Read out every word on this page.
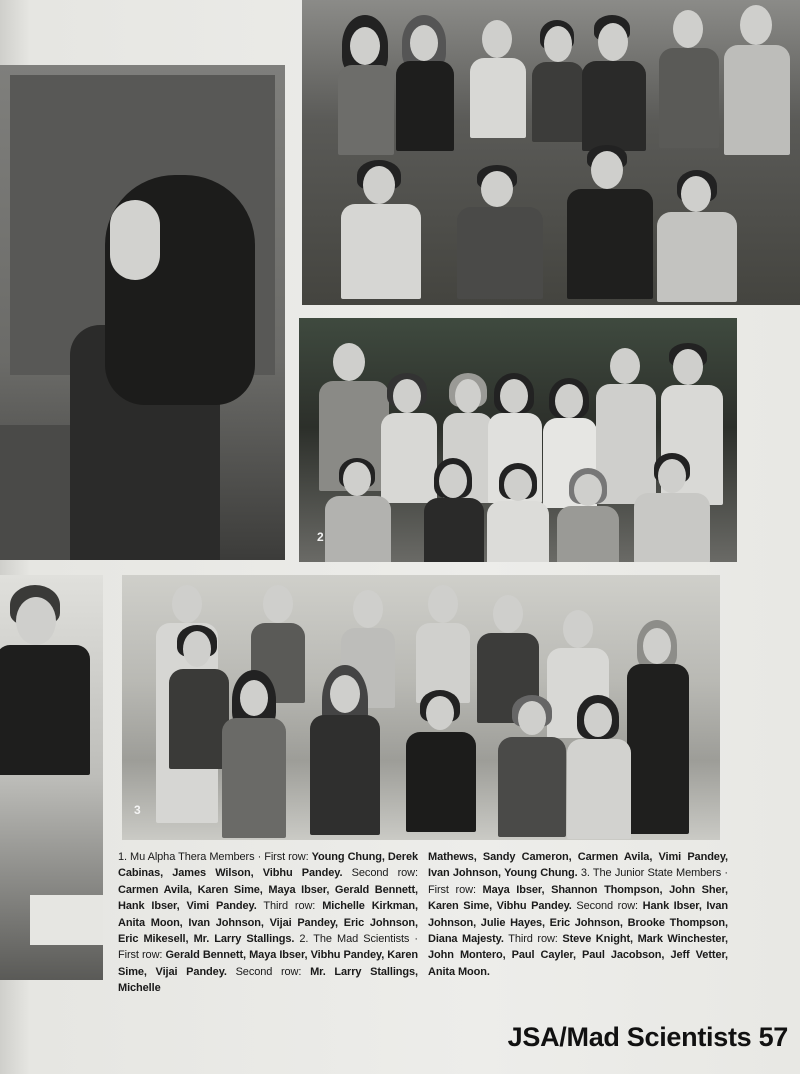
2
3
1. Mu Alpha Thera Members · First row: Young Chung, Derek Cabinas, James Wilson, Vibhu Pandey. Second row: Carmen Avila, Karen Sime, Maya Ibser, Gerald Bennett, Hank Ibser, Vimi Pandey. Third row: Michelle Kirkman, Anita Moon, Ivan Johnson, Vijai Pandey, Eric Johnson, Eric Mikesell, Mr. Larry Stallings. 2. The Mad Scientists · First row: Gerald Bennett, Maya Ibser, Vibhu Pandey, Karen Sime, Vijai Pandey. Second row: Mr. Larry Stallings, Michelle
Mathews, Sandy Cameron, Carmen Avila, Vimi Pandey, Ivan Johnson, Young Chung. 3. The Junior State Members · First row: Maya Ibser, Shannon Thompson, John Sher, Karen Sime, Vibhu Pandey. Second row: Hank Ibser, Ivan Johnson, Julie Hayes, Eric Johnson, Brooke Thompson, Diana Majesty. Third row: Steve Knight, Mark Winchester, John Montero, Paul Cayler, Paul Jacobson, Jeff Vetter, Anita Moon.
JSA/Mad Scientists 57
